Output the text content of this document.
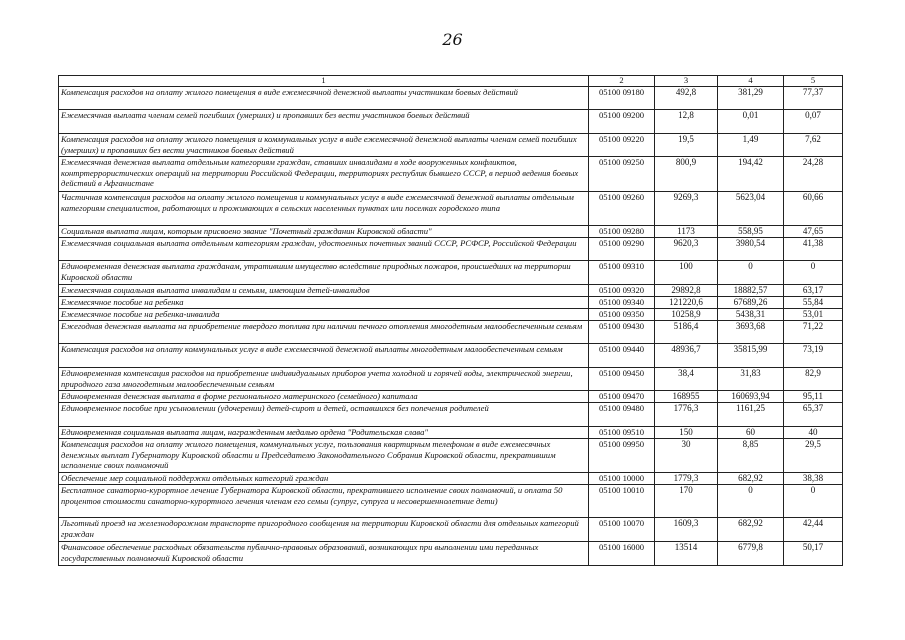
26
1	2	3	4	5
Компенсация расходов на оплату жилого помещения в виде ежемесячной денежной выплаты участникам боевых действий	05100 09180	492,8	381,29	77,37
Ежемесячная выплата членам семей погибших (умерших) и пропавших без вести участников боевых действий	05100 09200	12,8	0,01	0,07
Компенсация расходов на оплату жилого помещения и коммунальных услуг в виде ежемесячной денежной выплаты членам семей погибших (умерших) и пропавших без вести участников боевых действий	05100 09220	19,5	1,49	7,62
Ежемесячная денежная выплата отдельным категориям граждан, ставших инвалидами в ходе вооруженных конфликтов, контртеррористических операций на территории Российской Федерации, территориях республик бывшего СССР, в период ведения боевых действий в Афганистане	05100 09250	800,9	194,42	24,28
Частичная компенсация расходов на оплату жилого помещения и коммунальных услуг в виде ежемесячной денежной выплаты отдельным категориям специалистов, работающих и проживающих в сельских населенных пунктах или поселках городского типа	05100 09260	9269,3	5623,04	60,66
Социальная выплата лицам, которым присвоено звание "Почетный гражданин Кировской области"	05100 09280	1173	558,95	47,65
Ежемесячная социальная выплата отдельным категориям граждан, удостоенных почетных званий СССР, РСФСР, Российской Федерации	05100 09290	9620,3	3980,54	41,38
Единовременная денежная выплата гражданам, утратившим имущество вследствие природных пожаров, происшедших на территории Кировской области	05100 09310	100	0	0
Ежемесячная социальная выплата инвалидам и семьям, имеющим детей-инвалидов	05100 09320	29892,8	18882,57	63,17
Ежемесячное пособие на ребенка	05100 09340	121220,6	67689,26	55,84
Ежемесячное пособие на ребенка-инвалида	05100 09350	10258,9	5438,31	53,01
Ежегодная денежная выплата на приобретение твердого топлива при наличии печного отопления многодетным малообеспеченным семьям	05100 09430	5186,4	3693,68	71,22
Компенсация расходов на оплату коммунальных услуг в виде ежемесячной денежной выплаты многодетным малообеспеченным семьям	05100 09440	48936,7	35815,99	73,19
Единовременная компенсация расходов на приобретение индивидуальных приборов учета холодной и горячей воды, электрической энергии, природного газа многодетным малообеспеченным семьям	05100 09450	38,4	31,83	82,9
Единовременная денежная выплата в форме регионального материнского (семейного) капитала	05100 09470	168955	160693,94	95,11
Единовременное пособие при усыновлении (удочерении) детей-сирот и детей, оставшихся без попечения родителей	05100 09480	1776,3	1161,25	65,37
Единовременная социальная выплата лицам, награжденным медалью ордена "Родительская слава"	05100 09510	150	60	40
Компенсация расходов на оплату жилого помещения, коммунальных услуг, пользования квартирным телефоном в виде ежемесячных денежных выплат Губернатору Кировской области и Председателю Законодательного Собрания Кировской области, прекратившим исполнение своих полномочий	05100 09950	30	8,85	29,5
Обеспечение мер социальной поддержки отдельных категорий граждан	05100 10000	1779,3	682,92	38,38
Бесплатное санаторно-курортное лечение Губернатора Кировской области, прекратившего исполнение своих полномочий, и оплата 50 процентов стоимости санаторно-курортного лечения членам его семьи (супруг, супруга и несовершеннолетние дети)	05100 10010	170	0	0
Льготный проезд на железнодорожном транспорте пригородного сообщения на территории Кировской области для отдельных категорий граждан	05100 10070	1609,3	682,92	42,44
Финансовое обеспечение расходных обязательств публично-правовых образований, возникающих при выполнении ими переданных государственных полномочий Кировской области	05100 16000	13514	6779,8	50,17
